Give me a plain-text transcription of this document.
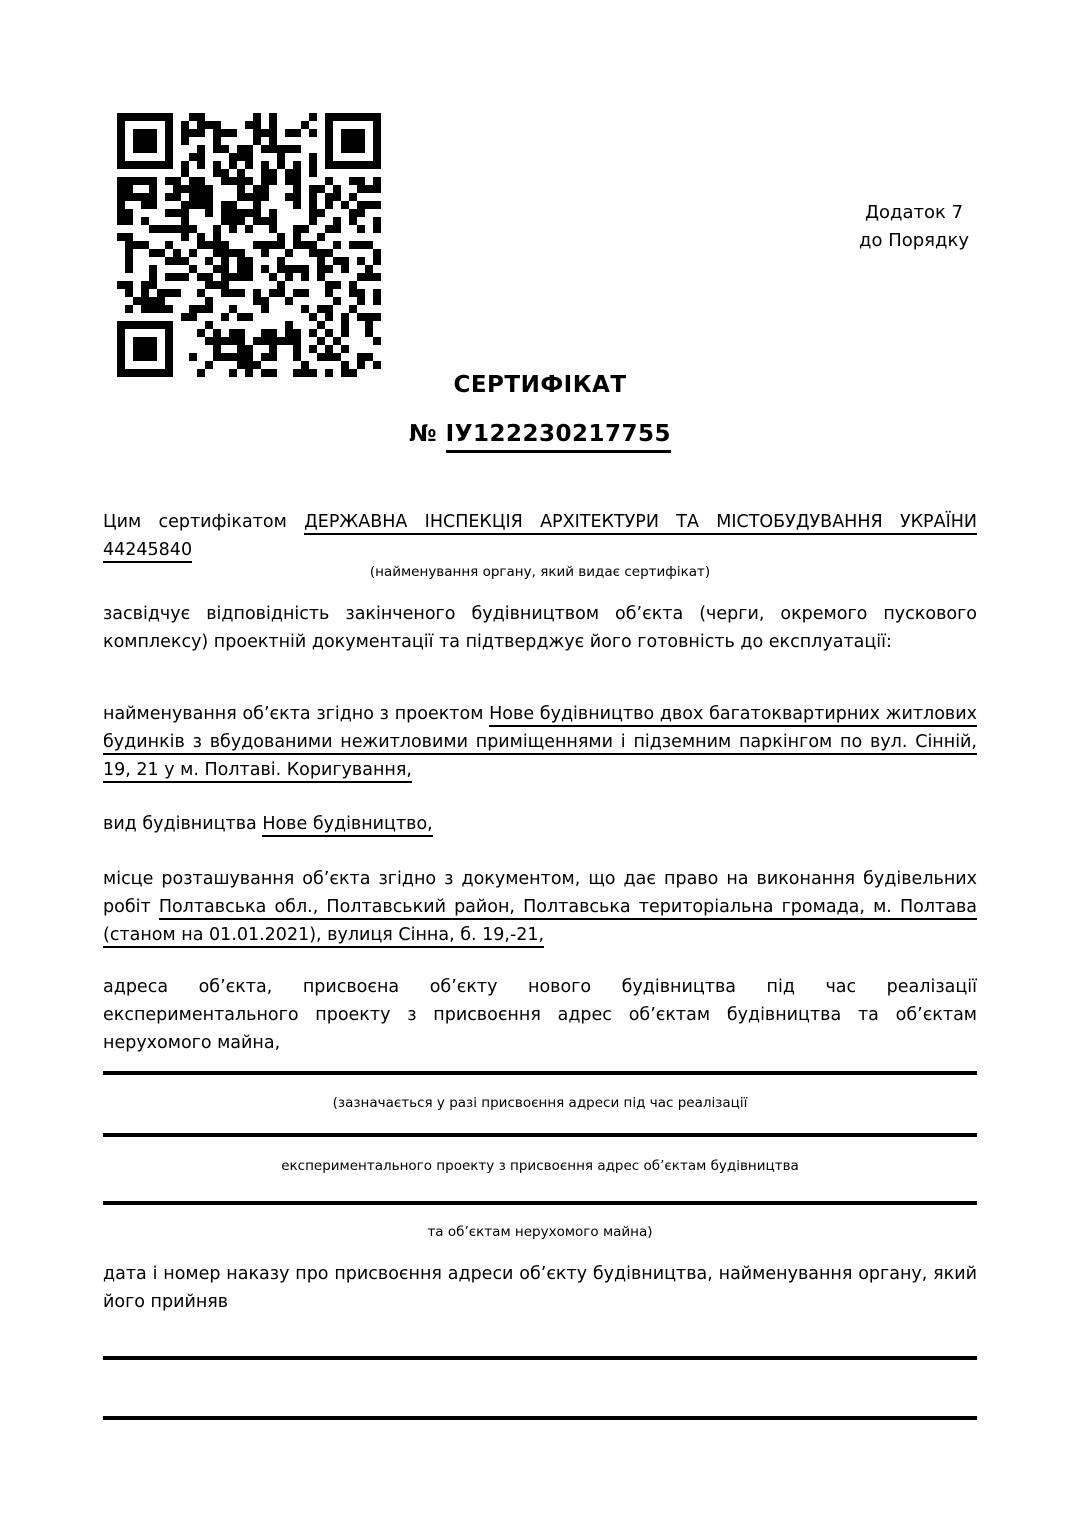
Додаток 7
до Порядку
СЕРТИФІКАТ
№ ІУ122230217755

Цим сертифікатом ДЕРЖАВНА ІНСПЕКЦІЯ АРХІТЕКТУРИ ТА МІСТОБУДУВАННЯ УКРАЇНИ 44245840

(найменування органу, який видає сертифікат)

засвідчує відповідність закінченого будівництвом об’єкта (черги, окремого пускового комплексу) проектній документації та підтверджує його готовність до експлуатації:

найменування об’єкта згідно з проектом Нове будівництво двох багатоквартирних житлових будинків з вбудованими нежитловими приміщеннями і підземним паркінгом по вул. Сінній, 19, 21 у м. Полтаві. Коригування,

вид будівництва Нове будівництво,

місце розташування об’єкта згідно з документом, що дає право на виконання будівельних робіт Полтавська обл., Полтавський район, Полтавська територіальна громада, м. Полтава (станом на 01.01.2021), вулиця Сінна, б. 19,-21,

адреса об’єкта, присвоєна об’єкту нового будівництва під час реалізації експериментального проекту з присвоєння адрес об’єктам будівництва та об’єктам нерухомого майна,

(зазначається у разі присвоєння адреси під час реалізації
експериментального проекту з присвоєння адрес об’єктам будівництва
та об’єктам нерухомого майна)

дата і номер наказу про присвоєння адреси об’єкту будівництва, найменування органу, який його прийняв
